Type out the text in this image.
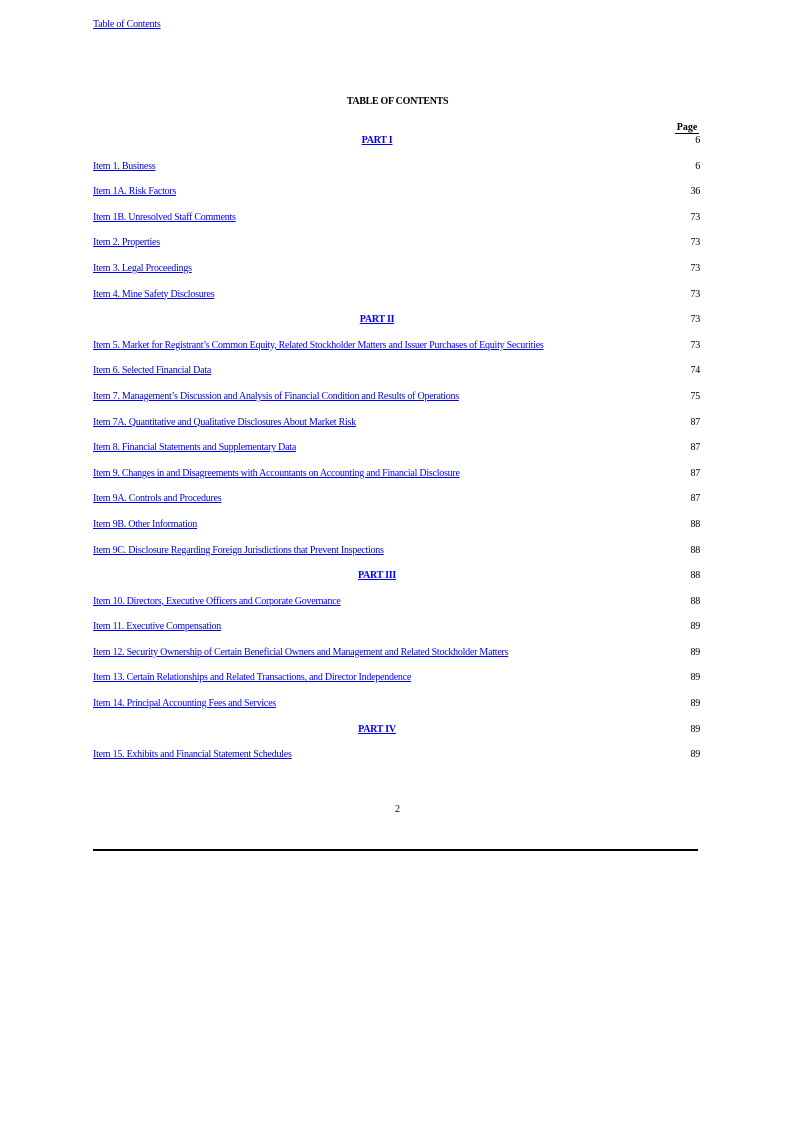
Table of Contents
TABLE OF CONTENTS
Page
PART I	6
Item 1. Business	6
Item 1A. Risk Factors	36
Item 1B. Unresolved Staff Comments	73
Item 2. Properties	73
Item 3. Legal Proceedings	73
Item 4. Mine Safety Disclosures	73
PART II	73
Item 5. Market for Registrant’s Common Equity, Related Stockholder Matters and Issuer Purchases of Equity Securities	73
Item 6. Selected Financial Data	74
Item 7. Management’s Discussion and Analysis of Financial Condition and Results of Operations	75
Item 7A. Quantitative and Qualitative Disclosures About Market Risk	87
Item 8. Financial Statements and Supplementary Data	87
Item 9. Changes in and Disagreements with Accountants on Accounting and Financial Disclosure	87
Item 9A. Controls and Procedures	87
Item 9B. Other Information	88
Item 9C. Disclosure Regarding Foreign Jurisdictions that Prevent Inspections	88
PART III	88
Item 10. Directors, Executive Officers and Corporate Governance	88
Item 11. Executive Compensation	89
Item 12. Security Ownership of Certain Beneficial Owners and Management and Related Stockholder Matters	89
Item 13. Certain Relationships and Related Transactions, and Director Independence	89
Item 14. Principal Accounting Fees and Services	89
PART IV	89
Item 15. Exhibits and Financial Statement Schedules	89
2
